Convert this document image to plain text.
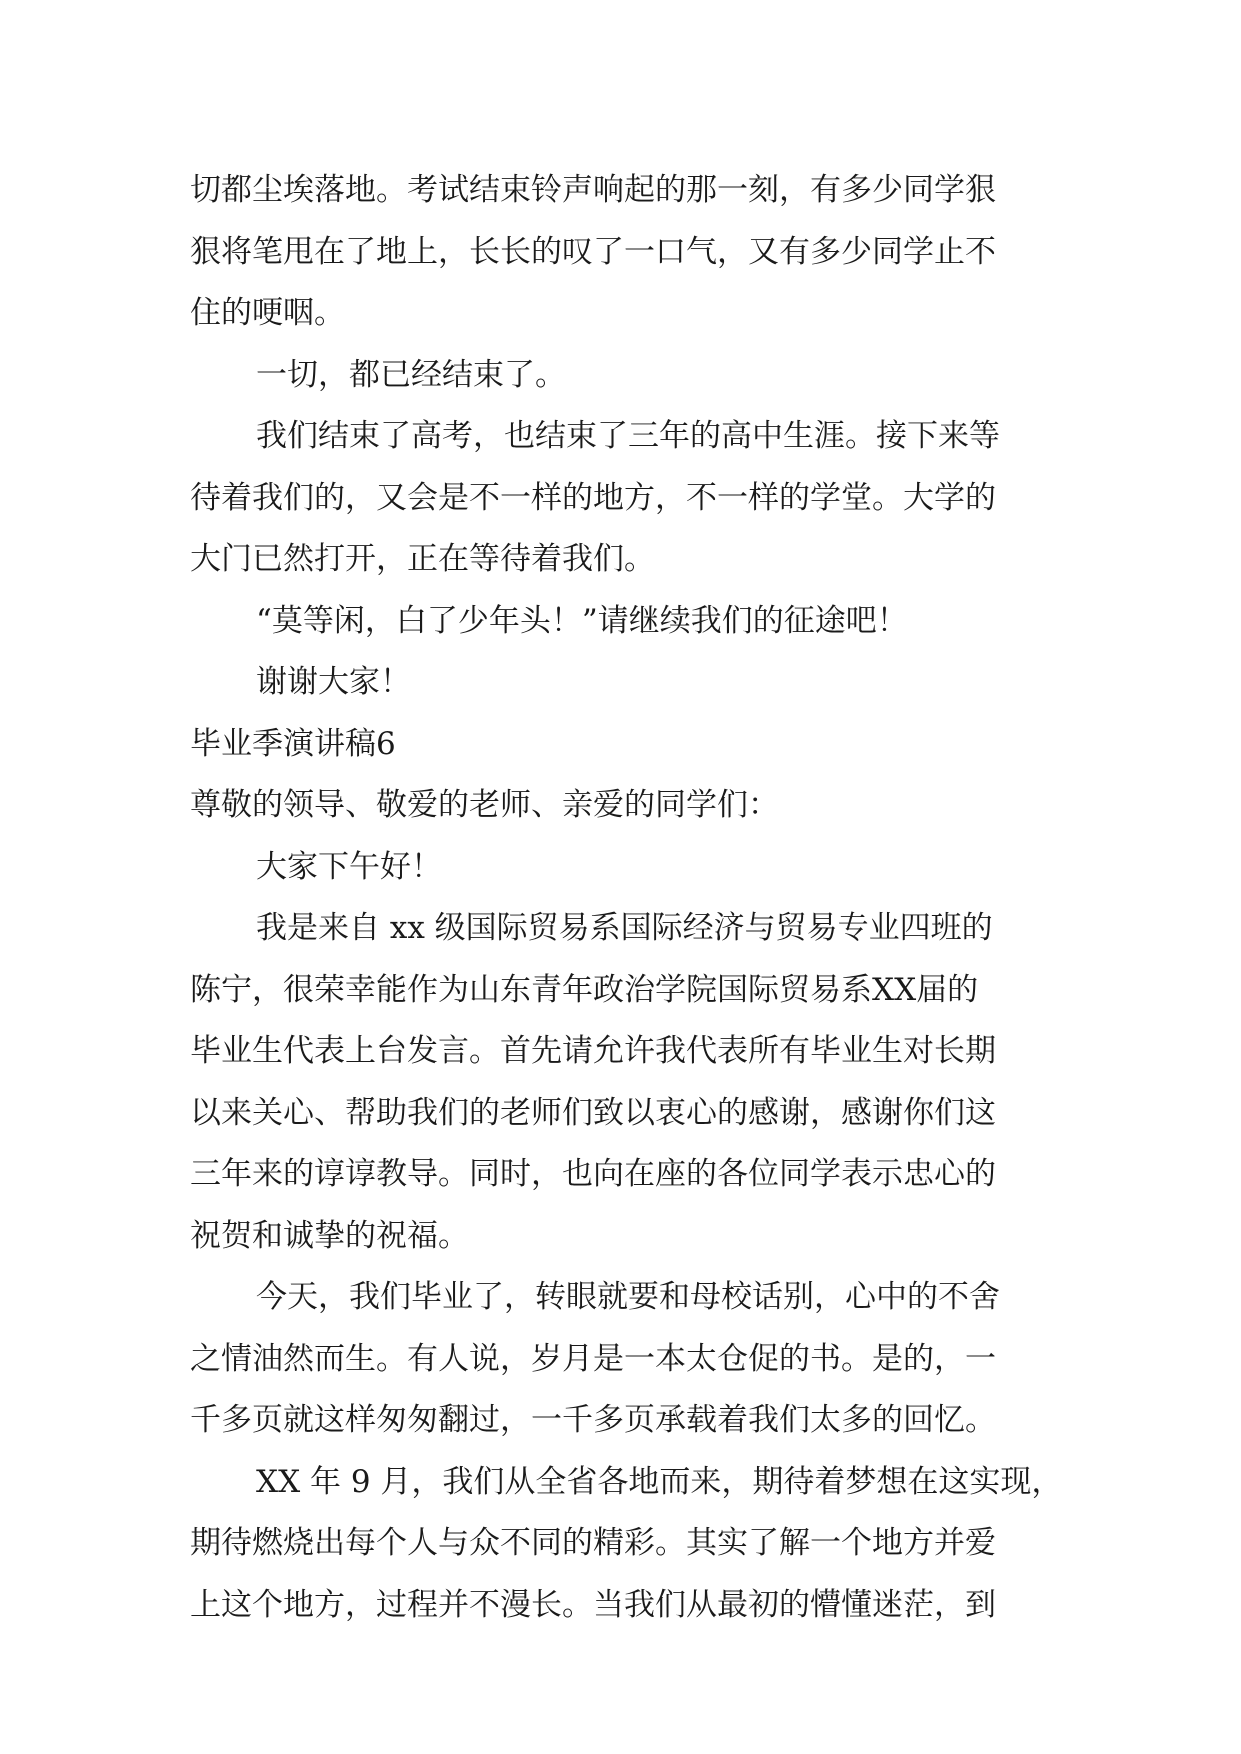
切都尘埃落地。考试结束铃声响起的那一刻，有多少同学狠
狠将笔甩在了地上，长长的叹了一口气，又有多少同学止不
住的哽咽。
一切，都已经结束了。
我们结束了高考，也结束了三年的高中生涯。接下来等
待着我们的，又会是不一样的地方，不一样的学堂。大学的
大门已然打开，正在等待着我们。
“莫等闲，白了少年头！”请继续我们的征途吧！
谢谢大家！
毕业季演讲稿6
尊敬的领导、敬爱的老师、亲爱的同学们：
大家下午好！
我是来自 xx 级国际贸易系国际经济与贸易专业四班的
陈宁，很荣幸能作为山东青年政治学院国际贸易系XX届的
毕业生代表上台发言。首先请允许我代表所有毕业生对长期
以来关心、帮助我们的老师们致以衷心的感谢，感谢你们这
三年来的谆谆教导。同时，也向在座的各位同学表示忠心的
祝贺和诚挚的祝福。
今天，我们毕业了，转眼就要和母校话别，心中的不舍
之情油然而生。有人说，岁月是一本太仓促的书。是的，一
千多页就这样匆匆翻过，一千多页承载着我们太多的回忆。
XX 年 9 月，我们从全省各地而来，期待着梦想在这实现，
期待燃烧出每个人与众不同的精彩。其实了解一个地方并爱
上这个地方，过程并不漫长。当我们从最初的懵懂迷茫，到
